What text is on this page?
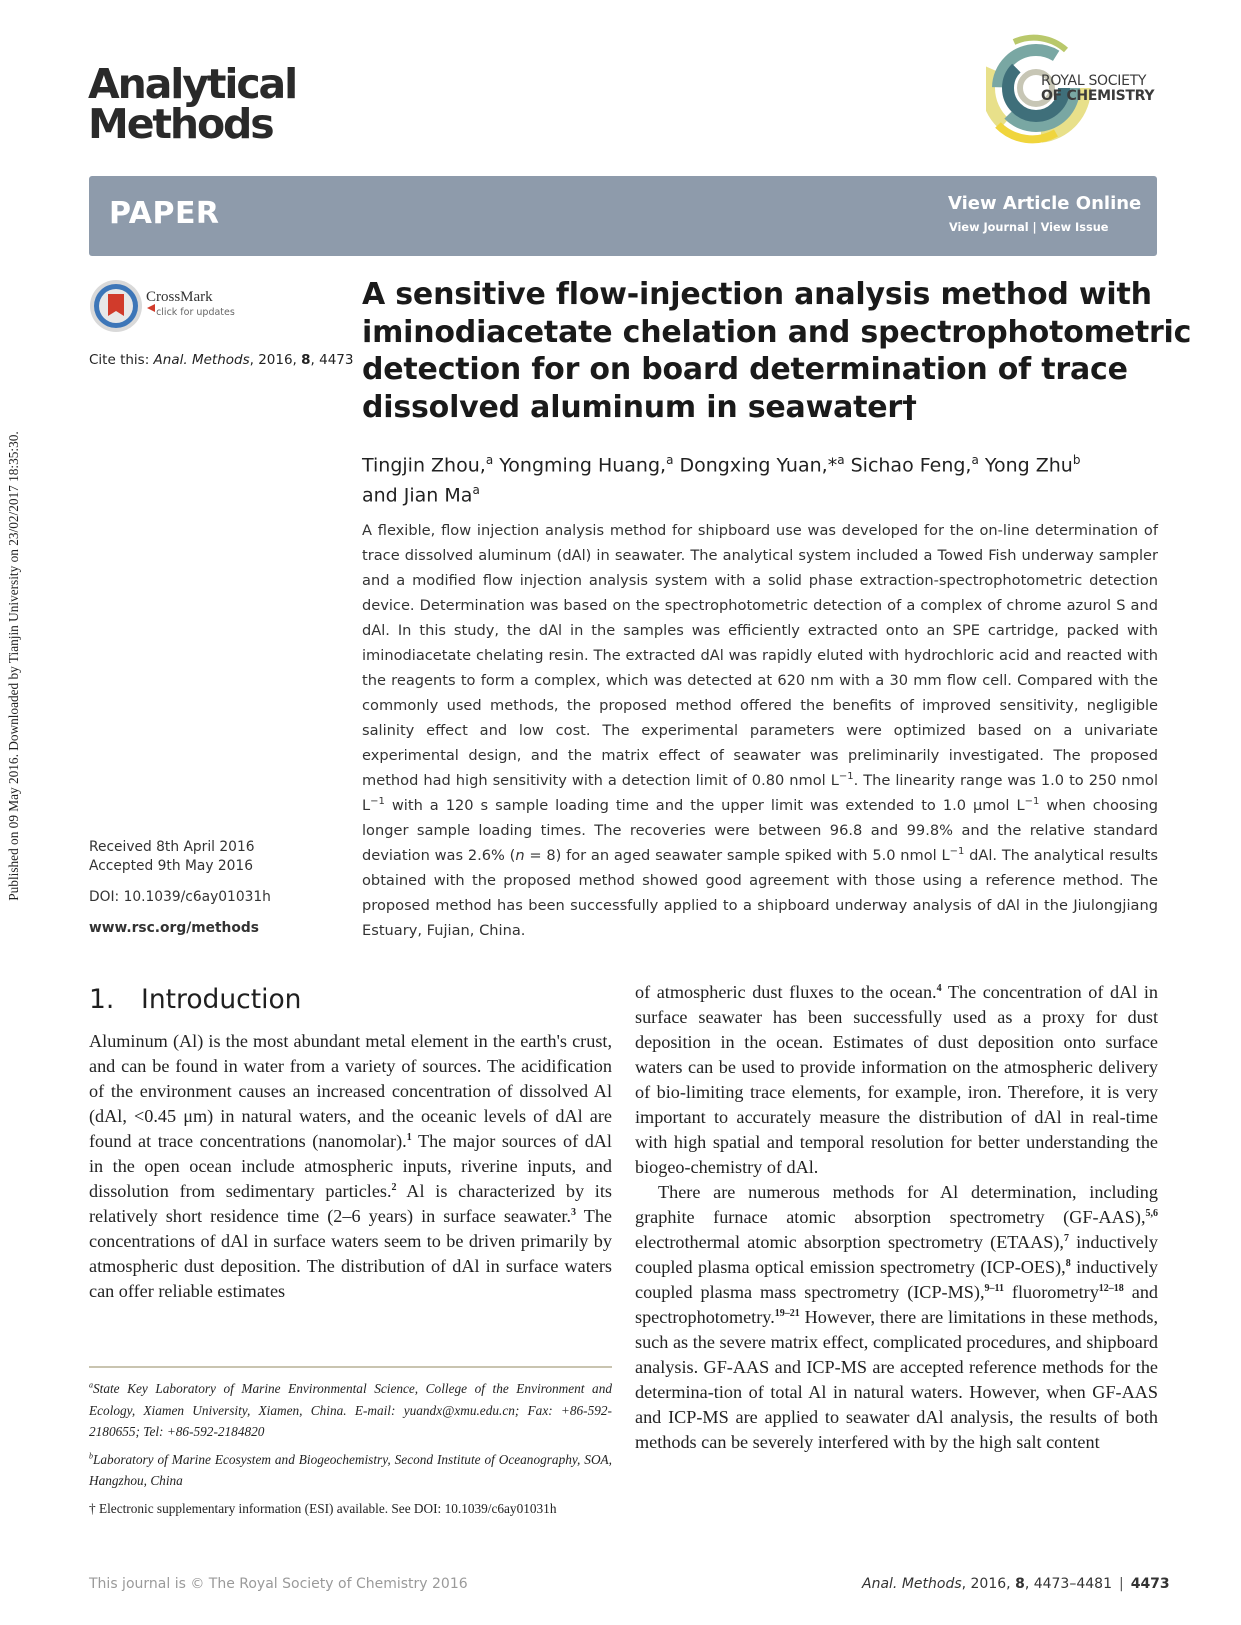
Published on 09 May 2016. Downloaded by Tianjin University on 23/02/2017 18:35:30.
Analytical
Methods
ROYAL SOCIETY
OF CHEMISTRY
PAPER	View Article Online
View Journal | View Issue
CrossMark
click for updates
Cite this: Anal. Methods, 2016, 8, 4473
A sensitive flow-injection analysis method with
iminodiacetate chelation and spectrophotometric
detection for on board determination of trace
dissolved aluminum in seawater†
Tingjin Zhou,$^a$ Yongming Huang,$^a$ Dongxing Yuan,*$^a$ Sichao Feng,$^a$ Yong Zhu$^b$
and Jian Ma$^a$
A flexible, flow injection analysis method for shipboard use was developed for the on-line determination of trace dissolved aluminum (dAl) in seawater. The analytical system included a Towed Fish underway sampler and a modified flow injection analysis system with a solid phase extraction-spectrophotometric detection device. Determination was based on the spectrophotometric detection of a complex of chrome azurol S and dAl. In this study, the dAl in the samples was efficiently extracted onto an SPE cartridge, packed with iminodiacetate chelating resin. The extracted dAl was rapidly eluted with hydrochloric acid and reacted with the reagents to form a complex, which was detected at 620 nm with a 30 mm flow cell. Compared with the commonly used methods, the proposed method offered the benefits of improved sensitivity, negligible salinity effect and low cost. The experimental parameters were optimized based on a univariate experimental design, and the matrix effect of seawater was preliminarily investigated. The proposed method had high sensitivity with a detection limit of 0.80 nmol $L^{-1}$. The linearity range was 1.0 to 250 nmol $L^{-1}$ with a 120 s sample loading time and the upper limit was extended to 1.0 μmol $L^{-1}$ when choosing longer sample loading times. The recoveries were between 96.8 and 99.8% and the relative standard deviation was 2.6% (n = 8) for an aged seawater sample spiked with 5.0 nmol $L^{-1}$ dAl. The analytical results obtained with the proposed method showed good agreement with those using a reference method. The proposed method has been successfully applied to a shipboard underway analysis of dAl in the Jiulongjiang Estuary, Fujian, China.
Received 8th April 2016
Accepted 9th May 2016
DOI: 10.1039/c6ay01031h
www.rsc.org/methods
1. Introduction

Aluminum (Al) is the most abundant metal element in the earth's crust, and can be found in water from a variety of sources. The acidification of the environment causes an increased concentration of dissolved Al (dAl, <0.45 μm) in natural waters, and the oceanic levels of dAl are found at trace concentrations (nanomolar).$^1$ The major sources of dAl in the open ocean include atmospheric inputs, riverine inputs, and dissolution from sedimentary particles.$^2$ Al is characterized by its relatively short residence time (2–6 years) in surface seawater.$^3$ The concentrations of dAl in surface waters seem to be driven primarily by atmospheric dust deposition. The distribution of dAl in surface waters can offer reliable estimates

$^a$State Key Laboratory of Marine Environmental Science, College of the Environment and Ecology, Xiamen University, Xiamen, China. E-mail: yuandx@xmu.edu.cn; Fax: +86-592-2180655; Tel: +86-592-2184820

$^b$Laboratory of Marine Ecosystem and Biogeochemistry, Second Institute of Oceanography, SOA, Hangzhou, China

† Electronic supplementary information (ESI) available. See DOI: 10.1039/c6ay01031h

of atmospheric dust fluxes to the ocean.$^4$ The concentration of dAl in surface seawater has been successfully used as a proxy for dust deposition in the ocean. Estimates of dust deposition onto surface waters can be used to provide information on the atmospheric delivery of bio-limiting trace elements, for example, iron. Therefore, it is very important to accurately measure the distribution of dAl in real-time with high spatial and temporal resolution for better understanding the biogeo-chemistry of dAl.

There are numerous methods for Al determination, including graphite furnace atomic absorption spectrometry (GF-AAS),$^{5,6}$ electrothermal atomic absorption spectrometry (ETAAS),$^7$ inductively coupled plasma optical emission spectrometry (ICP-OES),$^8$ inductively coupled plasma mass spectrometry (ICP-MS),$^{9-11}$ fluorometry$^{12-18}$ and spectrophotometry.$^{19-21}$ However, there are limitations in these methods, such as the severe matrix effect, complicated procedures, and shipboard analysis. GF-AAS and ICP-MS are accepted reference methods for the determina-tion of total Al in natural waters. However, when GF-AAS and ICP-MS are applied to seawater dAl analysis, the results of both methods can be severely interfered with by the high salt content

This journal is © The Royal Society of Chemistry 2016	Anal. Methods, 2016, 8, 4473–4481 | 4473
